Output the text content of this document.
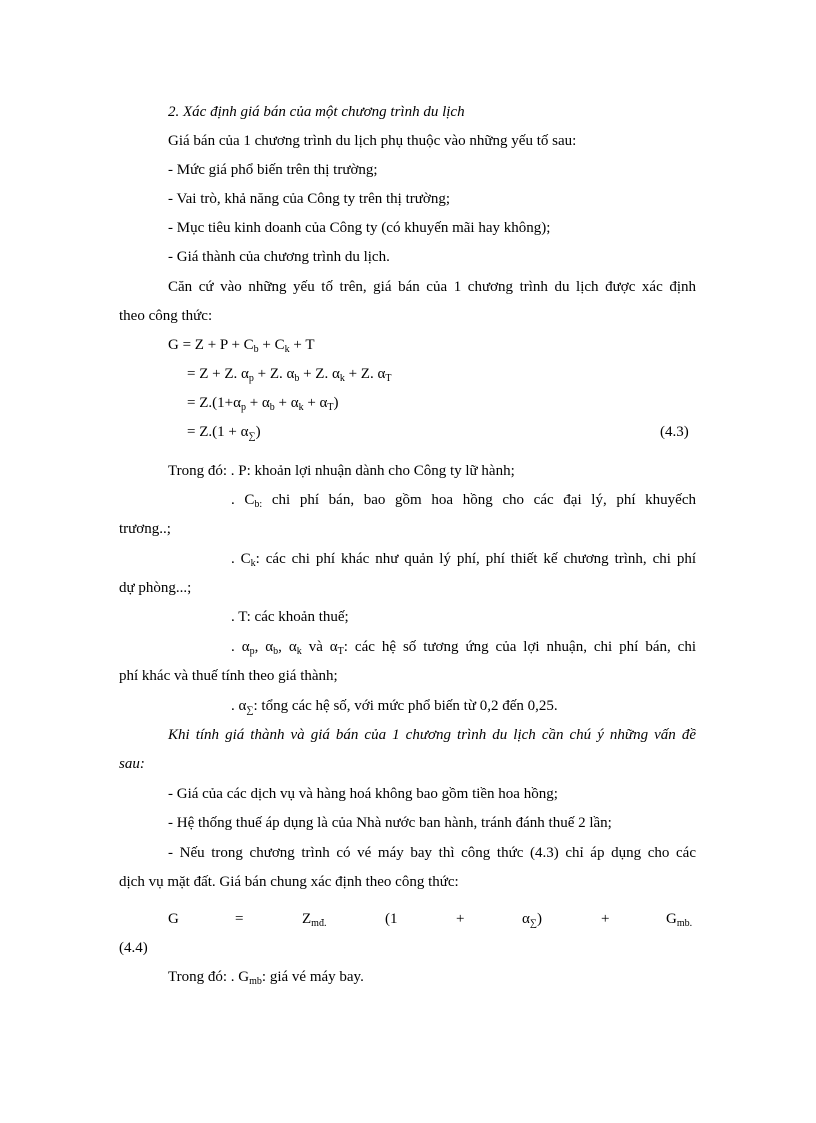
2. Xác định giá bán của một chương trình du lịch
Giá bán của 1 chương trình du lịch phụ thuộc vào những yếu tố sau:
- Mức giá phổ biến trên thị trường;
- Vai trò, khả năng của Công ty trên thị trường;
- Mục tiêu kinh doanh của Công ty (có khuyến mãi hay không);
- Giá thành của chương trình du lịch.
Căn cứ vào những yếu tố trên, giá bán của 1 chương trình du lịch được xác định
theo công thức:
$G = Z + P + C_b + C_k + T$
= Z + Z. $\alpha_p + Z$. $\alpha_b + Z$. $\alpha_k + Z$. $\alpha_T$
= $Z.(1+\alpha_p + \alpha_b + \alpha_k + \alpha_T)$
= $Z.(1 + \alpha_\sum)$	(4.3)
Trong đó: . P: khoản lợi nhuận dành cho Công ty lữ hành;
. $C_{b:}$ chi phí bán, bao gồm hoa hồng cho các đại lý, phí khuyếch
trương..;
. $C_k$: các chi phí khác như quản lý phí, phí thiết kế chương trình, chi phí
dự phòng...;
. T: các khoản thuế;
. $\alpha_p$, $\alpha_b$, $\alpha_k$ và $\alpha_T$: các hệ số tương ứng của lợi nhuận, chi phí bán, chi
phí khác và thuế tính theo giá thành;
. $\alpha_\sum$: tổng các hệ số, với mức phổ biến từ 0,2 đến 0,25.
Khi tính giá thành và giá bán của 1 chương trình du lịch cần chú ý những vấn đề
sau:
- Giá của các dịch vụ và hàng hoá không bao gồm tiền hoa hồng;
- Hệ thống thuế áp dụng là của Nhà nước ban hành, tránh đánh thuế 2 lần;
- Nếu trong chương trình có vé máy bay thì công thức (4.3) chỉ áp dụng cho các
dịch vụ mặt đất. Giá bán chung xác định theo công thức:
G	=	$Z_{mđ.}$	(1	+	$\alpha_\sum$)	+	$G_{mb.}$
(4.4)
Trong đó: . $G_{mb}$: giá vé máy bay.
